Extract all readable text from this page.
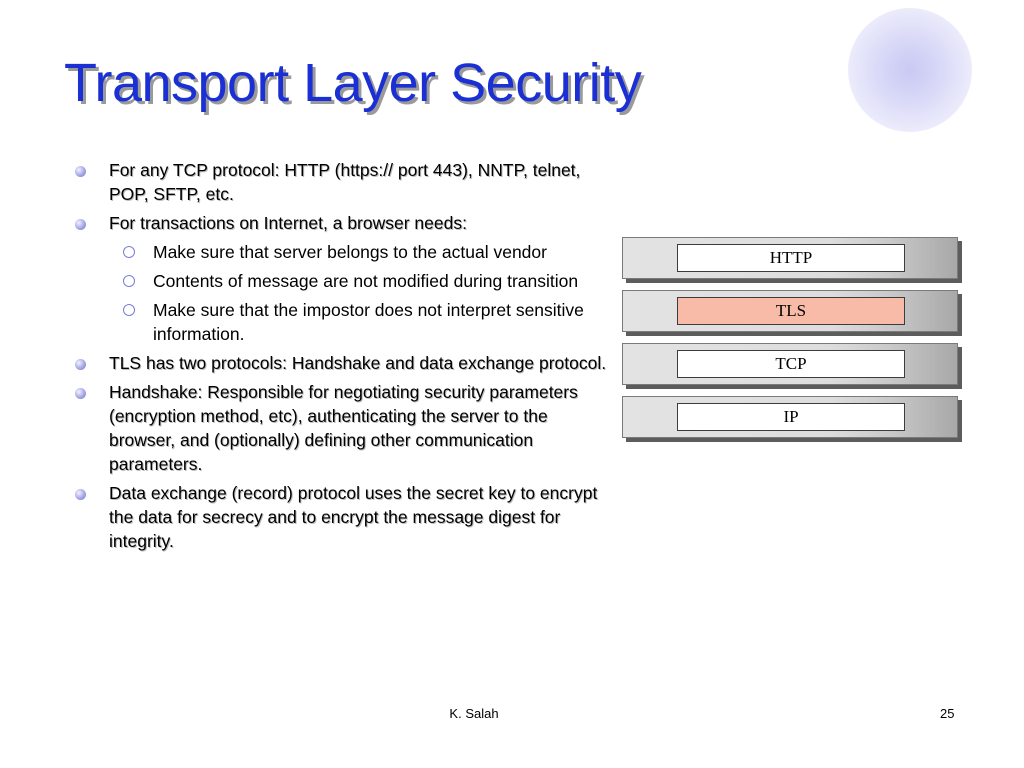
Transport Layer Security
For any TCP protocol: HTTP (https:// port 443), NNTP, telnet, POP, SFTP, etc.
For transactions on Internet, a browser needs:
Make sure that server belongs to the actual vendor
Contents of message are not modified during transition
Make sure that the impostor does not interpret sensitive information.
TLS has two protocols: Handshake and data exchange protocol.
Handshake: Responsible for negotiating security parameters (encryption method, etc), authenticating the server to the browser, and (optionally) defining other communication parameters.
Data exchange (record) protocol uses the secret key to encrypt the data for secrecy and to encrypt the message digest for integrity.
HTTP
TLS
TCP
IP
K. Salah	25
